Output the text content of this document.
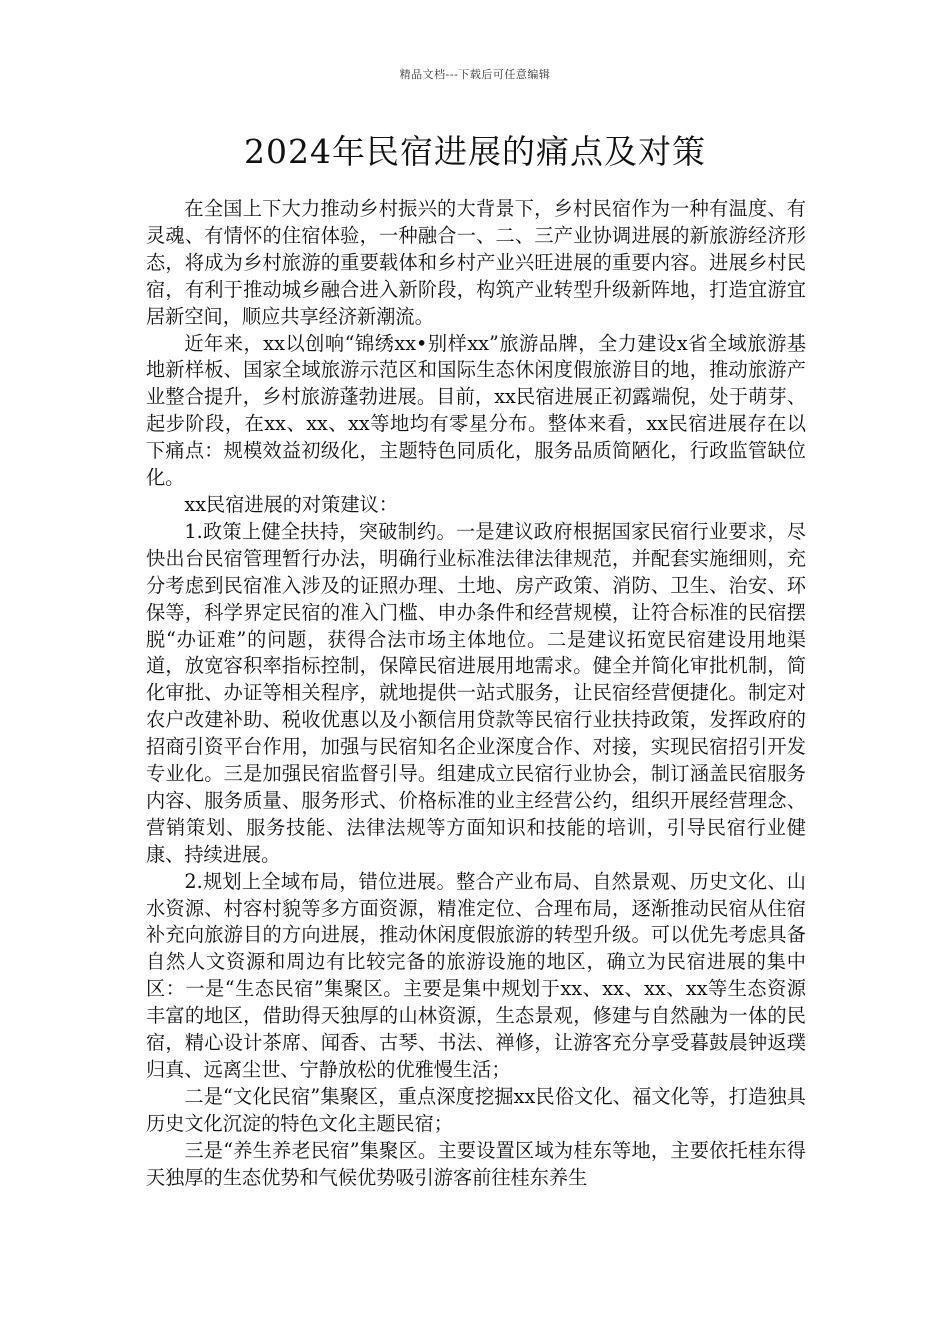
精品文档---下载后可任意编辑
2024年民宿进展的痛点及对策

在全国上下大力推动乡村振兴的大背景下，乡村民宿作为一种有温度、有灵魂、有情怀的住宿体验，一种融合一、二、三产业协调进展的新旅游经济形态，将成为乡村旅游的重要载体和乡村产业兴旺进展的重要内容。进展乡村民宿，有利于推动城乡融合进入新阶段，构筑产业转型升级新阵地，打造宜游宜居新空间，顺应共享经济新潮流。

近年来，xx以创响“锦绣xx•别样xx”旅游品牌，全力建设x省全域旅游基地新样板、国家全域旅游示范区和国际生态休闲度假旅游目的地，推动旅游产业整合提升，乡村旅游蓬勃进展。目前，xx民宿进展正初露端倪，处于萌芽、起步阶段，在xx、xx、xx等地均有零星分布。整体来看，xx民宿进展存在以下痛点：规模效益初级化，主题特色同质化，服务品质简陋化，行政监管缺位化。

xx民宿进展的对策建议：

1.政策上健全扶持，突破制约。一是建议政府根据国家民宿行业要求，尽快出台民宿管理暂行办法，明确行业标准法律法律规范，并配套实施细则，充分考虑到民宿准入涉及的证照办理、土地、房产政策、消防、卫生、治安、环保等，科学界定民宿的准入门槛、申办条件和经营规模，让符合标准的民宿摆脱“办证难”的问题，获得合法市场主体地位。二是建议拓宽民宿建设用地渠道，放宽容积率指标控制，保障民宿进展用地需求。健全并简化审批机制，简化审批、办证等相关程序，就地提供一站式服务，让民宿经营便捷化。制定对农户改建补助、税收优惠以及小额信用贷款等民宿行业扶持政策，发挥政府的招商引资平台作用，加强与民宿知名企业深度合作、对接，实现民宿招引开发专业化。三是加强民宿监督引导。组建成立民宿行业协会，制订涵盖民宿服务内容、服务质量、服务形式、价格标准的业主经营公约，组织开展经营理念、营销策划、服务技能、法律法规等方面知识和技能的培训，引导民宿行业健康、持续进展。

2.规划上全域布局，错位进展。整合产业布局、自然景观、历史文化、山水资源、村容村貌等多方面资源，精准定位、合理布局，逐渐推动民宿从住宿补充向旅游目的方向进展，推动休闲度假旅游的转型升级。可以优先考虑具备自然人文资源和周边有比较完备的旅游设施的地区，确立为民宿进展的集中区：一是“生态民宿”集聚区。主要是集中规划于xx、xx、xx、xx等生态资源丰富的地区，借助得天独厚的山林资源，生态景观，修建与自然融为一体的民宿，精心设计茶席、闻香、古琴、书法、禅修，让游客充分享受暮鼓晨钟返璞归真、远离尘世、宁静放松的优雅慢生活；

二是“文化民宿”集聚区，重点深度挖掘xx民俗文化、福文化等，打造独具历史文化沉淀的特色文化主题民宿；

三是“养生养老民宿”集聚区。主要设置区域为桂东等地，主要依托桂东得天独厚的生态优势和气候优势吸引游客前往桂东养生
